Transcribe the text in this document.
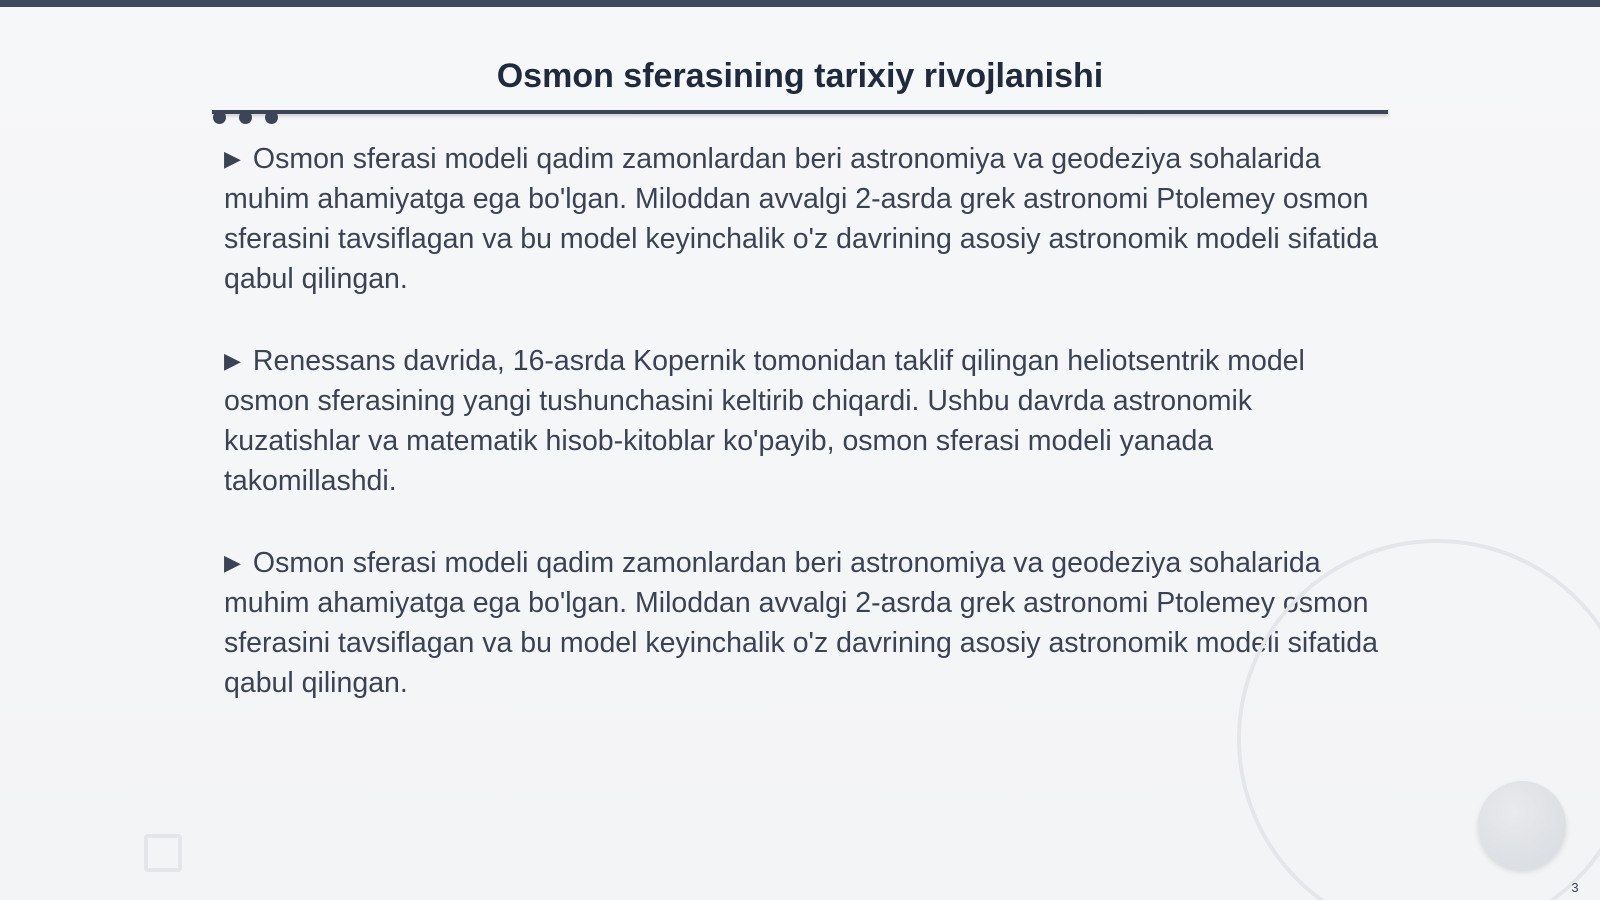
Osmon sferasining tarixiy rivojlanishi

▶ Osmon sferasi modeli qadim zamonlardan beri astronomiya va geodeziya sohalarida muhim ahamiyatga ega bo'lgan. Miloddan avvalgi 2-asrda grek astronomi Ptolemey osmon sferasini tavsiflagan va bu model keyinchalik o'z davrining asosiy astronomik modeli sifatida qabul qilingan.

▶ Renessans davrida, 16-asrda Kopernik tomonidan taklif qilingan heliotsentrik model osmon sferasining yangi tushunchasini keltirib chiqardi. Ushbu davrda astronomik kuzatishlar va matematik hisob-kitoblar ko'payib, osmon sferasi modeli yanada takomillashdi.

▶ Osmon sferasi modeli qadim zamonlardan beri astronomiya va geodeziya sohalarida muhim ahamiyatga ega bo'lgan. Miloddan avvalgi 2-asrda grek astronomi Ptolemey osmon sferasini tavsiflagan va bu model keyinchalik o'z davrining asosiy astronomik modeli sifatida qabul qilingan.

3
